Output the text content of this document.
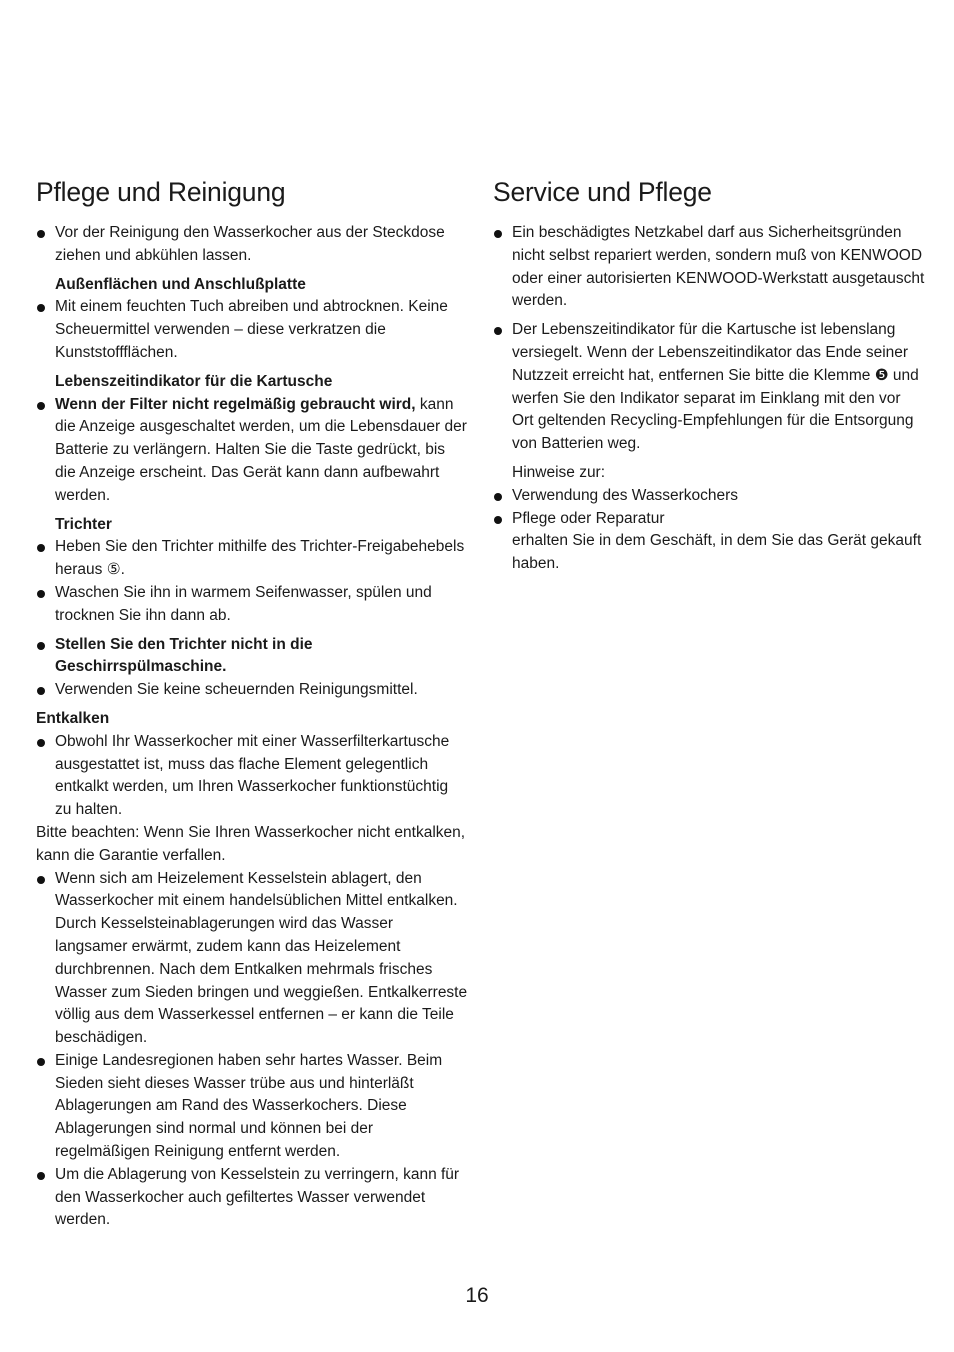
Pflege und Reinigung
Vor der Reinigung den Wasserkocher aus der Steckdose ziehen und abkühlen lassen.
Außenflächen und Anschlußplatte
Mit einem feuchten Tuch abreiben und abtrocknen. Keine Scheuermittel verwenden – diese verkratzen die Kunststoffflächen.
Lebenszeitindikator für die Kartusche
Wenn der Filter nicht regelmäßig gebraucht wird, kann die Anzeige ausgeschaltet werden, um die Lebensdauer der Batterie zu verlängern. Halten Sie die Taste gedrückt, bis die Anzeige erscheint. Das Gerät kann dann aufbewahrt werden.
Trichter
Heben Sie den Trichter mithilfe des Trichter-Freigabehebels heraus ⑤.
Waschen Sie ihn in warmem Seifenwasser, spülen und trocknen Sie ihn dann ab.
Stellen Sie den Trichter nicht in die Geschirrspülmaschine.
Verwenden Sie keine scheuernden Reinigungsmittel.
Entkalken
Obwohl Ihr Wasserkocher mit einer Wasserfilterkartusche ausgestattet ist, muss das flache Element gelegentlich entkalkt werden, um Ihren Wasserkocher funktionstüchtig zu halten.

Bitte beachten: Wenn Sie Ihren Wasserkocher nicht entkalken, kann die Garantie verfallen.

Wenn sich am Heizelement Kesselstein ablagert, den Wasserkocher mit einem handelsüblichen Mittel entkalken. Durch Kesselsteinablagerungen wird das Wasser langsamer erwärmt, zudem kann das Heizelement durchbrennen. Nach dem Entkalken mehrmals frisches Wasser zum Sieden bringen und weggießen. Entkalkerreste völlig aus dem Wasserkessel entfernen – er kann die Teile beschädigen.
Einige Landesregionen haben sehr hartes Wasser. Beim Sieden sieht dieses Wasser trübe aus und hinterläßt Ablagerungen am Rand des Wasserkochers. Diese Ablagerungen sind normal und können bei der regelmäßigen Reinigung entfernt werden.
Um die Ablagerung von Kesselstein zu verringern, kann für den Wasserkocher auch gefiltertes Wasser verwendet werden.
Service und Pflege
Ein beschädigtes Netzkabel darf aus Sicherheitsgründen nicht selbst repariert werden, sondern muß von KENWOOD oder einer autorisierten KENWOOD-Werkstatt ausgetauscht werden.
Der Lebenszeitindikator für die Kartusche ist lebenslang versiegelt. Wenn der Lebenszeitindikator das Ende seiner Nutzzeit erreicht hat, entfernen Sie bitte die Klemme ❺ und werfen Sie den Indikator separat im Einklang mit den vor Ort geltenden Recycling-Empfehlungen für die Entsorgung von Batterien weg.
Hinweise zur:
Verwendung des Wasserkochers
Pflege oder Reparatur
erhalten Sie in dem Geschäft, in dem Sie das Gerät gekauft haben.
16
